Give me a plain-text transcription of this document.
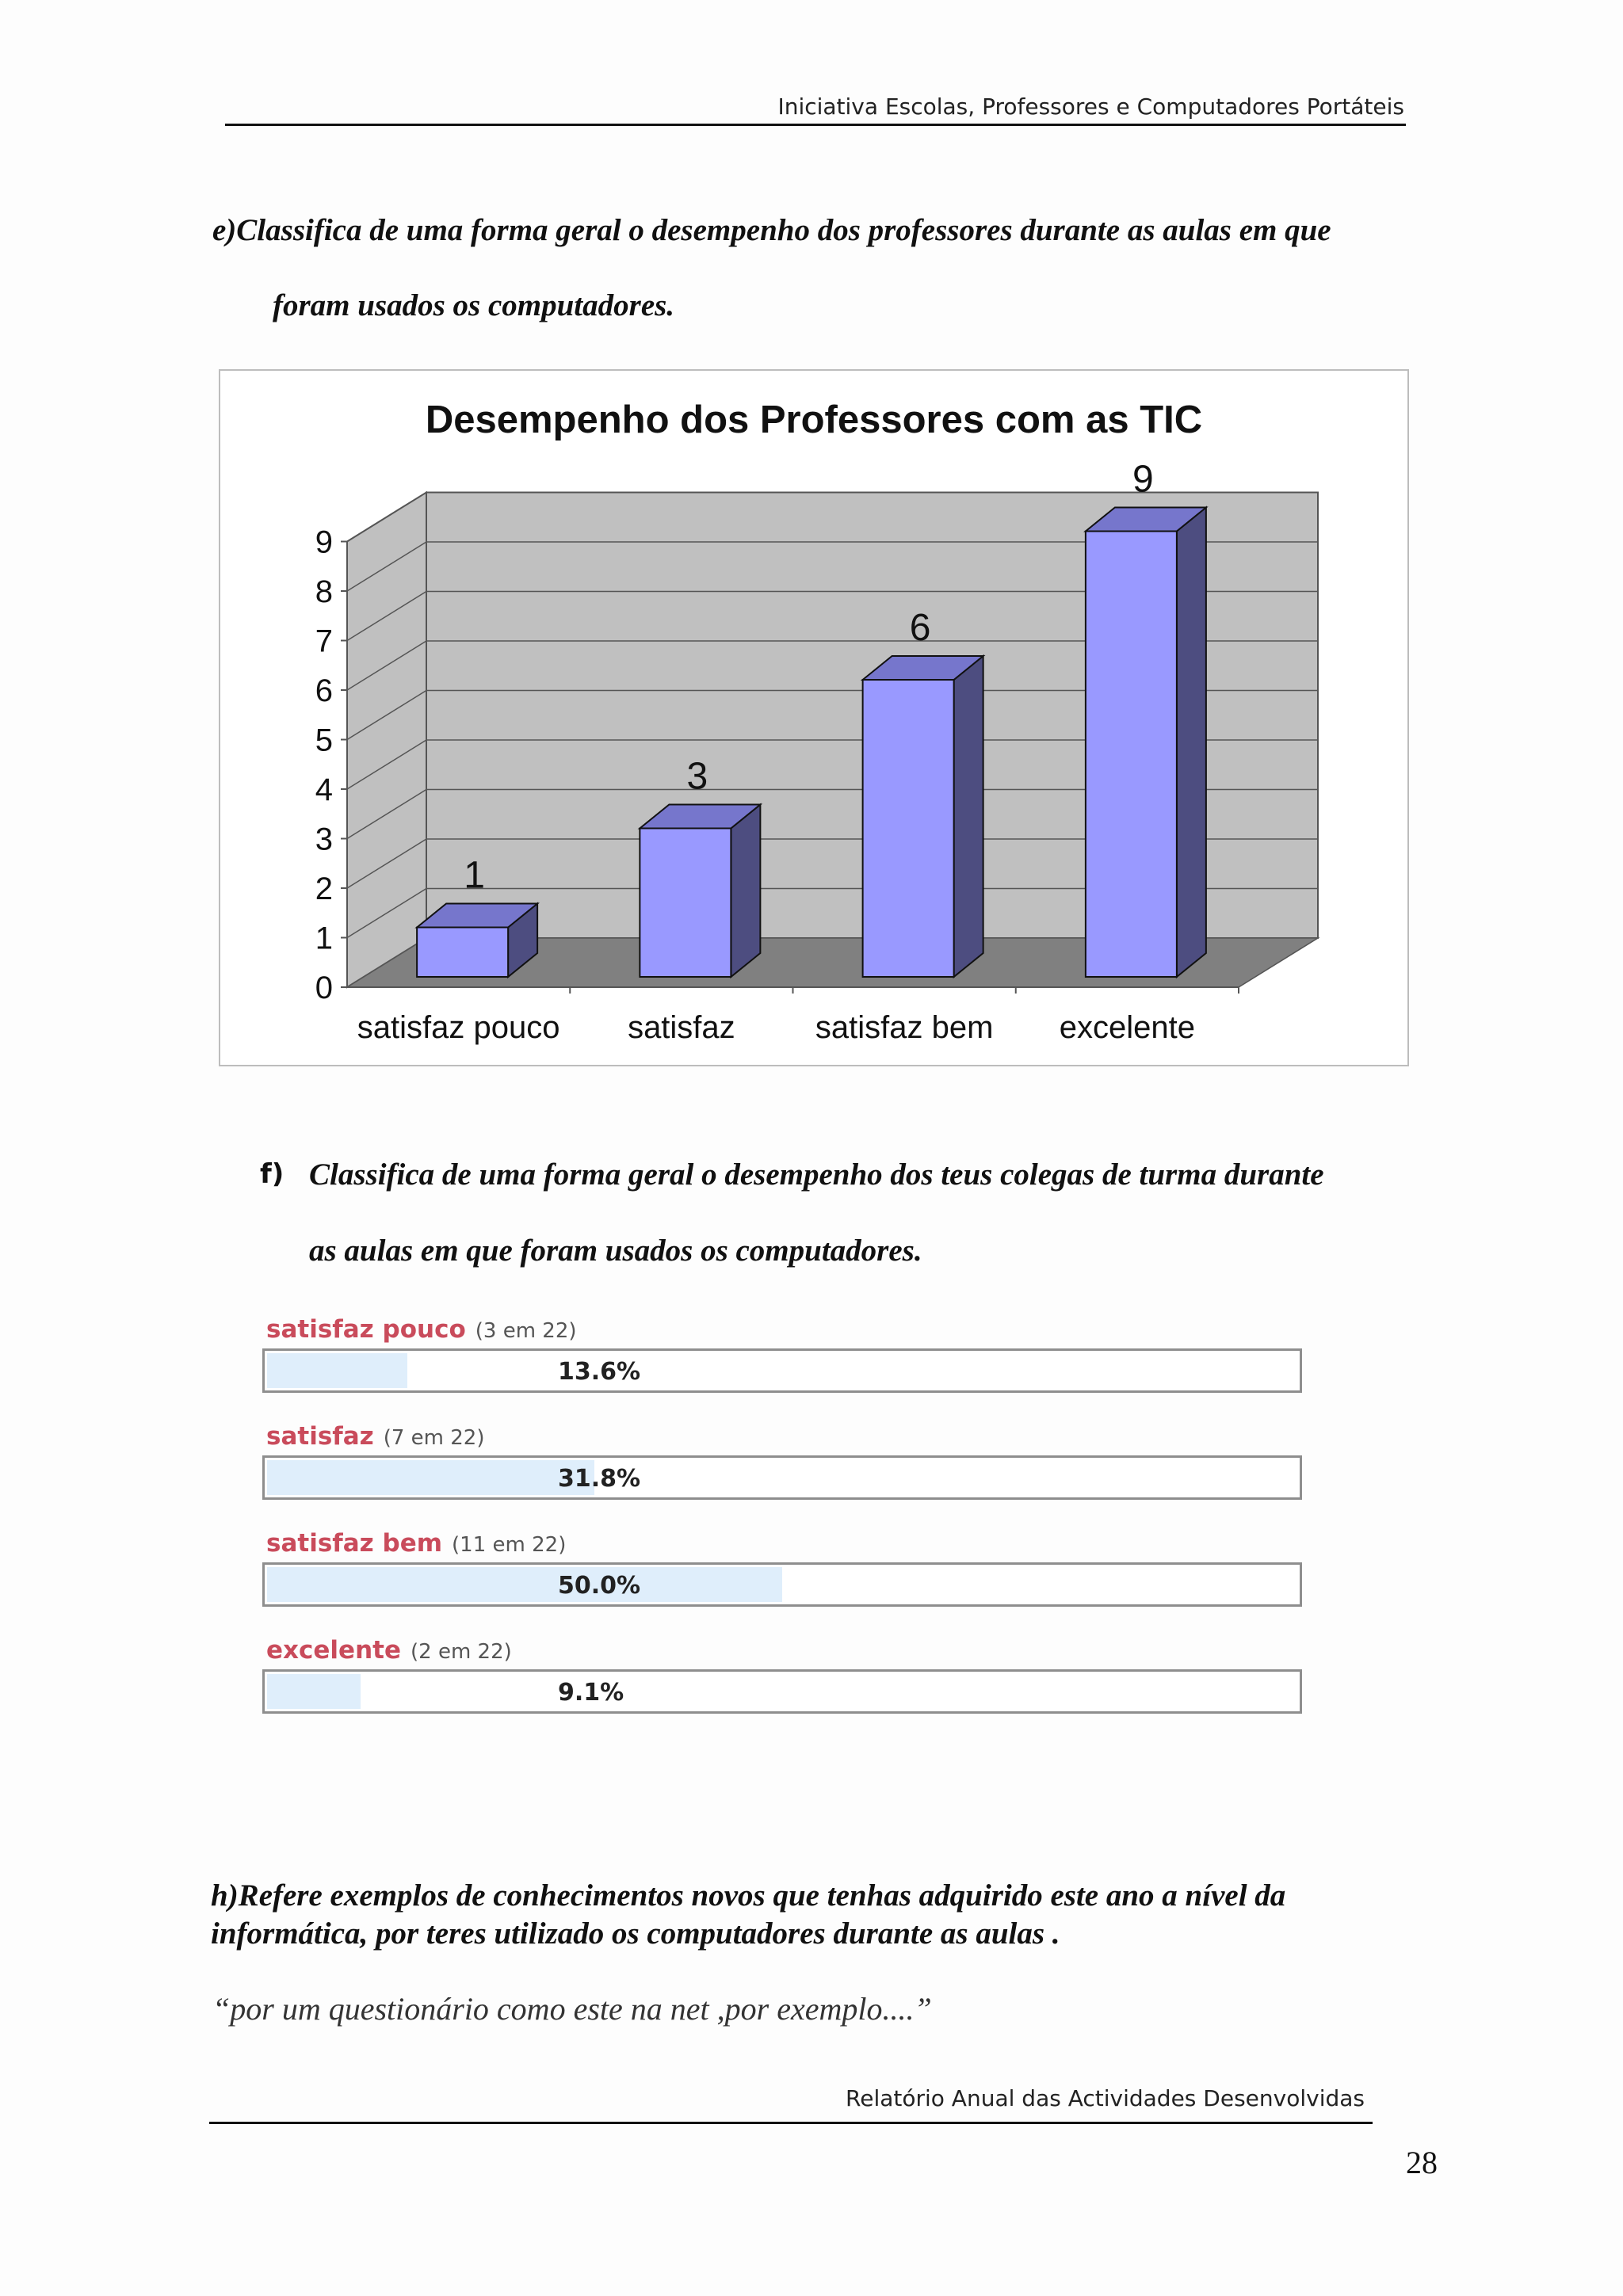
Iniciativa Escolas, Professores e Computadores Portáteis
e)Classifica de uma forma geral o desempenho dos professores durante as aulas em que
foram usados os computadores.
Desempenho dos Professores com as TIC
0
1
2
3
4
5
6
7
8
9
satisfaz pouco
1
satisfaz
3
satisfaz bem
6
excelente
9
f) Classifica de uma forma geral o desempenho dos teus colegas de turma durante
as aulas em que foram usados os computadores.
satisfaz pouco (3 em 22)
13.6%
satisfaz (7 em 22)
31.8%
satisfaz bem (11 em 22)
50.0%
excelente (2 em 22)
9.1%
h)Refere exemplos de conhecimentos novos que tenhas adquirido este ano a nível da
informática, por teres utilizado os computadores durante as aulas .
“por um questionário como este na net ,por exemplo....”
Relatório Anual das Actividades Desenvolvidas
28
